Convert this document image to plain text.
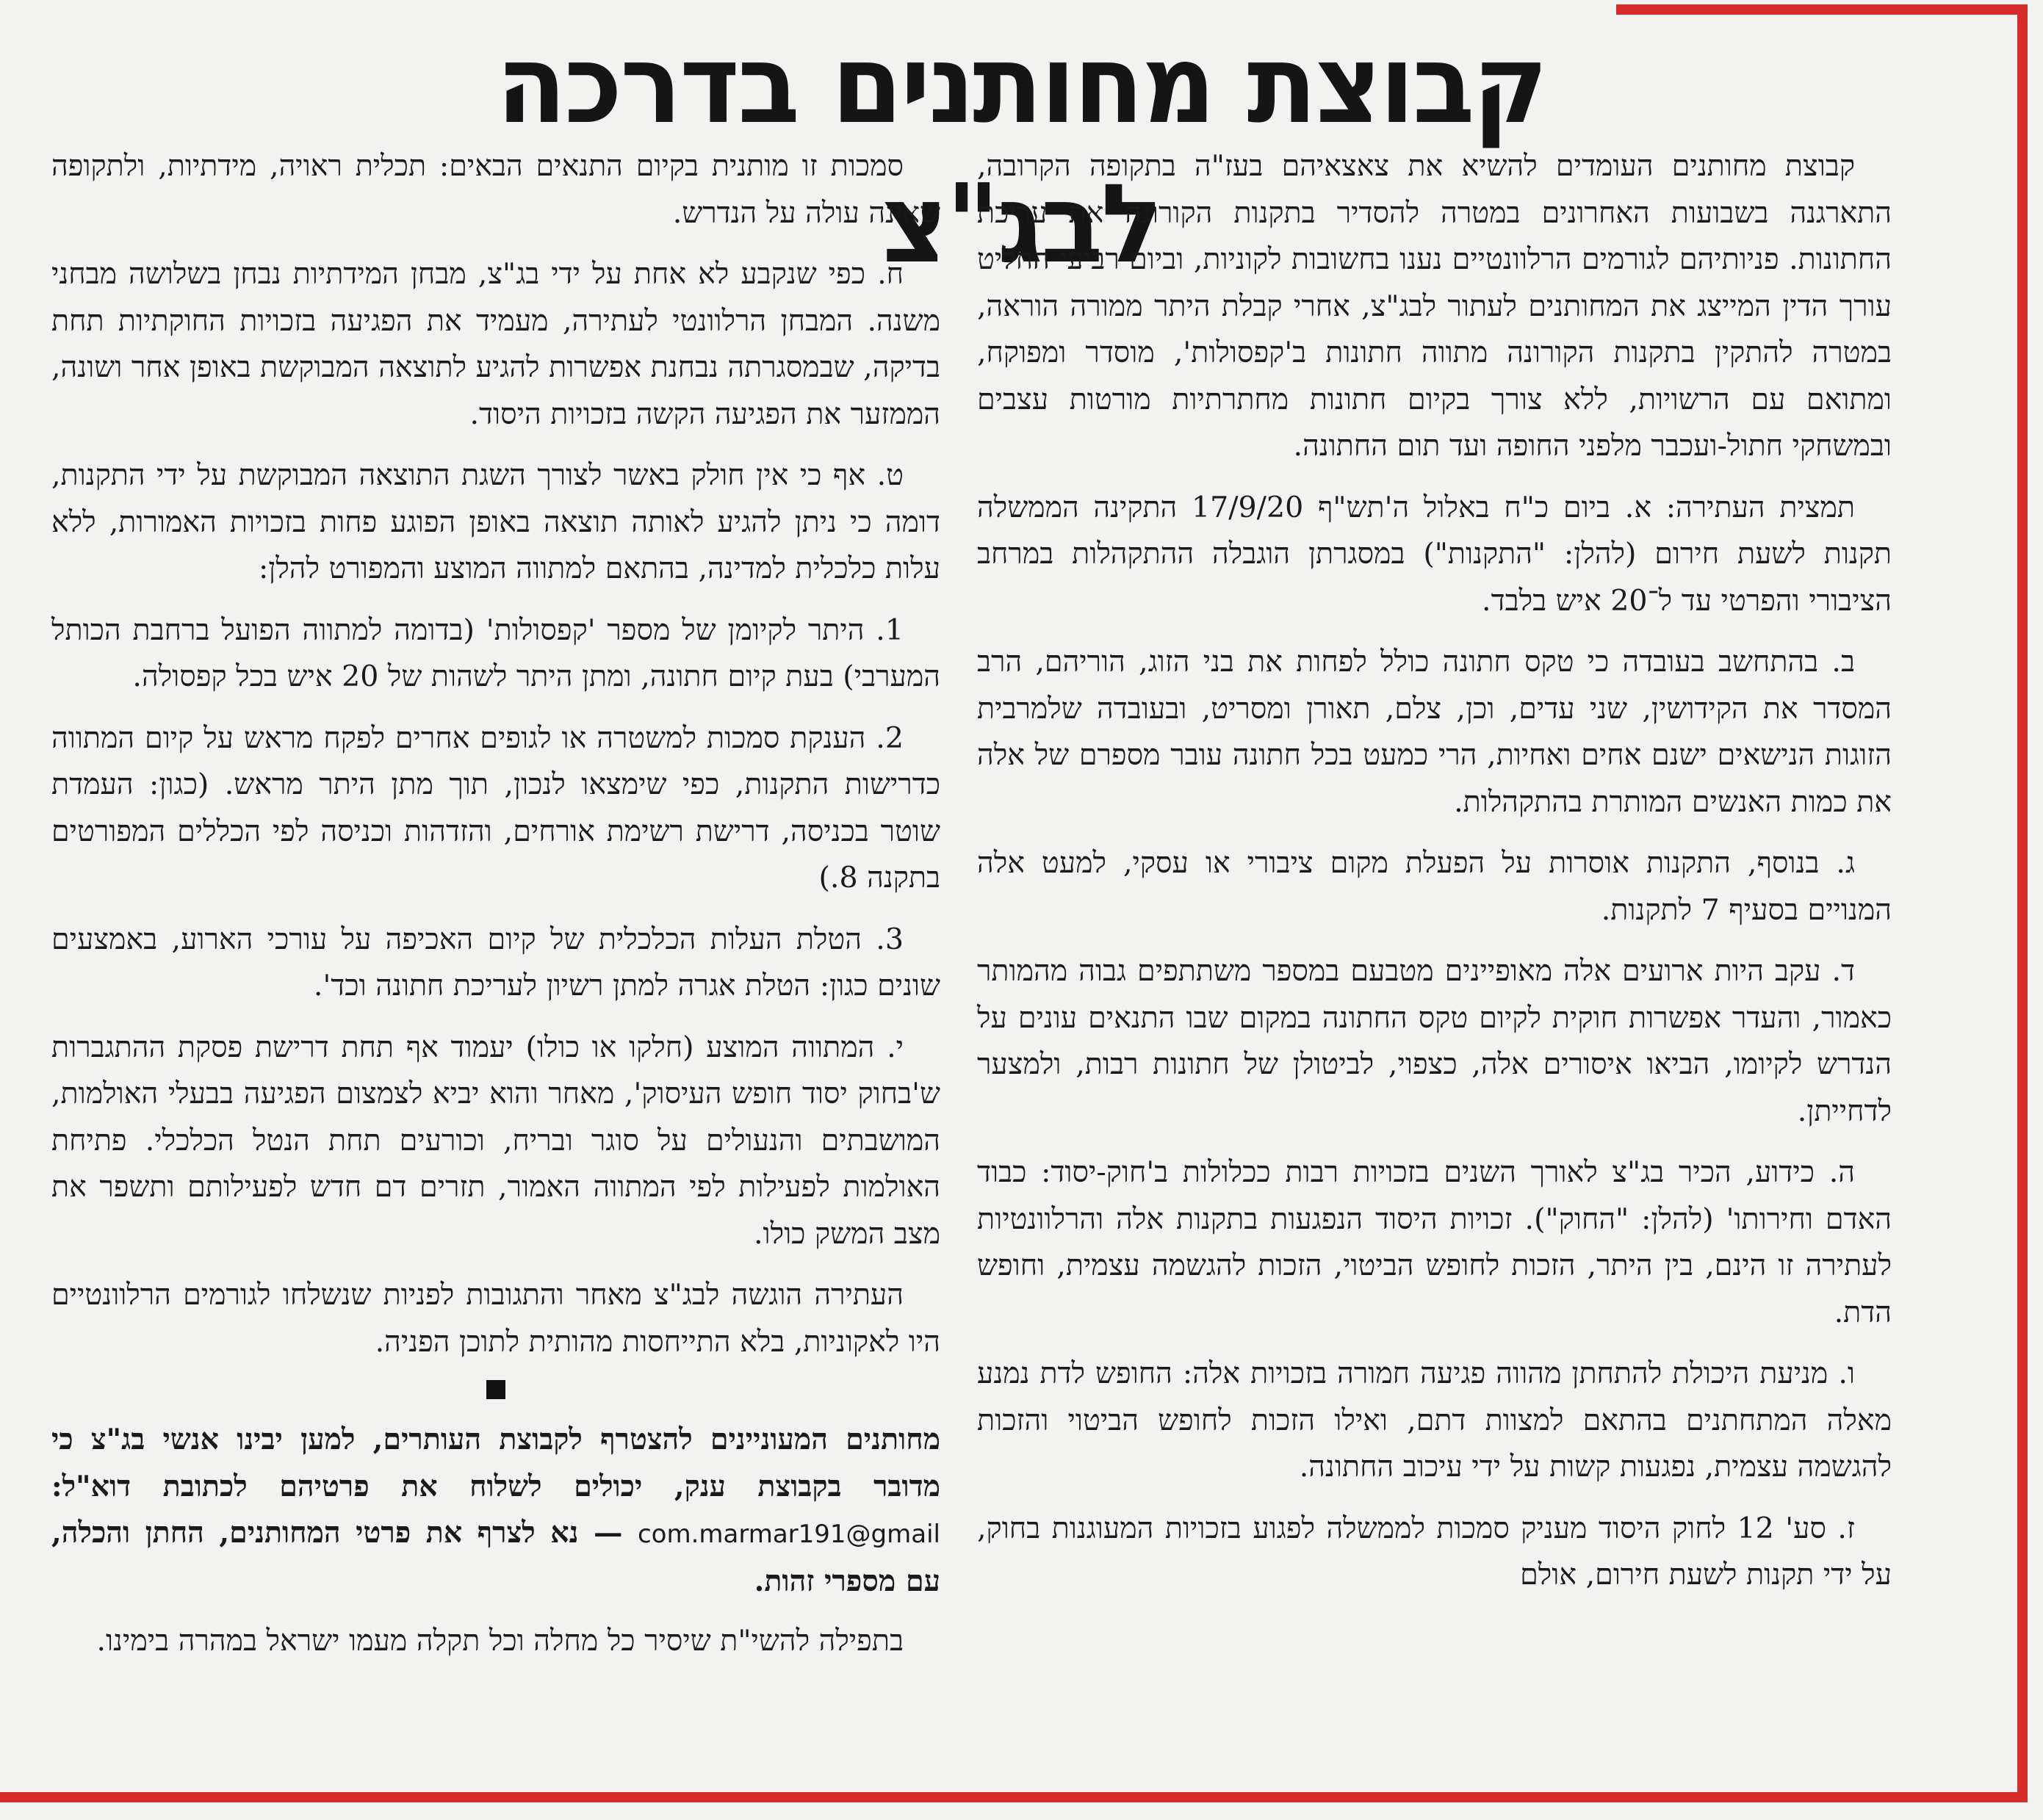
קבוצת מחותנים בדרכה לבג"צ

קבוצת מחותנים העומדים להשיא את צאצאיהם בעז"ה בתקופה הקרובה, התארגנה בשבועות האחרונים במטרה להסדיר בתקנות הקורונה את עריכת החתונות. פניותיהם לגורמים הרלוונטיים נענו בחשובות לקוניות, וביום רביעי החליט עורך הדין המייצג את המחותנים לעתור לבג"צ, אחרי קבלת היתר ממורה הוראה, במטרה להתקין בתקנות הקורונה מתווה חתונות ב'קפסולות', מוסדר ומפוקח, ומתואם עם הרשויות, ללא צורך בקיום חתונות מחתרתיות מורטות עצבים ובמשחקי חתול-ועכבר מלפני החופה ועד תום החתונה.

תמצית העתירה: א. ביום כ"ח באלול ה'תש"ף 17/9/20 התקינה הממשלה תקנות לשעת חירום (להלן: "התקנות") במסגרתן הוגבלה ההתקהלות במרחב הציבורי והפרטי עד ל־20 איש בלבד.

ב. בהתחשב בעובדה כי טקס חתונה כולל לפחות את בני הזוג, הוריהם, הרב המסדר את הקידושין, שני עדים, וכן, צלם, תאורן ומסריט, ובעובדה שלמרבית הזוגות הנישאים ישנם אחים ואחיות, הרי כמעט בכל חתונה עובר מספרם של אלה את כמות האנשים המותרת בהתקהלות.

ג. בנוסף, התקנות אוסרות על הפעלת מקום ציבורי או עסקי, למעט אלה המנויים בסעיף 7 לתקנות.

ד. עקב היות ארועים אלה מאופיינים מטבעם במספר משתתפים גבוה מהמותר כאמור, והעדר אפשרות חוקית לקיום טקס החתונה במקום שבו התנאים עונים על הנדרש לקיומו, הביאו איסורים אלה, כצפוי, לביטולן של חתונות רבות, ולמצער לדחייתן.

ה. כידוע, הכיר בג"צ לאורך השנים בזכויות רבות ככלולות ב'חוק-יסוד: כבוד האדם וחירותו' (להלן: "החוק"). זכויות היסוד הנפגעות בתקנות אלה והרלוונטיות לעתירה זו הינם, בין היתר, הזכות לחופש הביטוי, הזכות להגשמה עצמית, וחופש הדת.

ו. מניעת היכולת להתחתן מהווה פגיעה חמורה בזכויות אלה: החופש לדת נמנע מאלה המתחתנים בהתאם למצוות דתם, ואילו הזכות לחופש הביטוי והזכות להגשמה עצמית, נפגעות קשות על ידי עיכוב החתונה.

ז. סע' 12 לחוק היסוד מעניק סמכות לממשלה לפגוע בזכויות המעוגנות בחוק, על ידי תקנות לשעת חירום, אולם

סמכות זו מותנית בקיום התנאים הבאים: תכלית ראויה, מידתיות, ולתקופה שאינה עולה על הנדרש.

ח. כפי שנקבע לא אחת על ידי בג"צ, מבחן המידתיות נבחן בשלושה מבחני משנה. המבחן הרלוונטי לעתירה, מעמיד את הפגיעה בזכויות החוקתיות תחת בדיקה, שבמסגרתה נבחנת אפשרות להגיע לתוצאה המבוקשת באופן אחר ושונה, הממזער את הפגיעה הקשה בזכויות היסוד.

ט. אף כי אין חולק באשר לצורך השגת התוצאה המבוקשת על ידי התקנות, דומה כי ניתן להגיע לאותה תוצאה באופן הפוגע פחות בזכויות האמורות, ללא עלות כלכלית למדינה, בהתאם למתווה המוצע והמפורט להלן:

1. היתר לקיומן של מספר 'קפסולות' (בדומה למתווה הפועל ברחבת הכותל המערבי) בעת קיום חתונה, ומתן היתר לשהות של 20 איש בכל קפסולה.

2. הענקת סמכות למשטרה או לגופים אחרים לפקח מראש על קיום המתווה כדרישות התקנות, כפי שימצאו לנכון, תוך מתן היתר מראש. (כגון: העמדת שוטר בכניסה, דרישת רשימת אורחים, והזדהות וכניסה לפי הכללים המפורטים בתקנה 8.)

3. הטלת העלות הכלכלית של קיום האכיפה על עורכי הארוע, באמצעים שונים כגון: הטלת אגרה למתן רשיון לעריכת חתונה וכד'.

י. המתווה המוצע (חלקו או כולו) יעמוד אף תחת דרישת פסקת ההתגברות ש'בחוק יסוד חופש העיסוק', מאחר והוא יביא לצמצום הפגיעה בבעלי האולמות, המושבתים והנעולים על סוגר ובריח, וכורעים תחת הנטל הכלכלי. פתיחת האולמות לפעילות לפי המתווה האמור, תזרים דם חדש לפעילותם ותשפר את מצב המשק כולו.

העתירה הוגשה לבג"צ מאחר והתגובות לפניות שנשלחו לגורמים הרלוונטיים היו לאקוניות, בלא התייחסות מהותית לתוכן הפניה.

מחותנים המעוניינים להצטרף לקבוצת העותרים, למען יבינו אנשי בג"צ כי מדובר בקבוצת ענק, יכולים לשלוח את פרטיהם לכתובת דוא"ל: com.marmar191@gmail — נא לצרף את פרטי המחותנים, החתן והכלה, עם מספרי זהות.

בתפילה להשי"ת שיסיר כל מחלה וכל תקלה מעמו ישראל במהרה בימינו.
